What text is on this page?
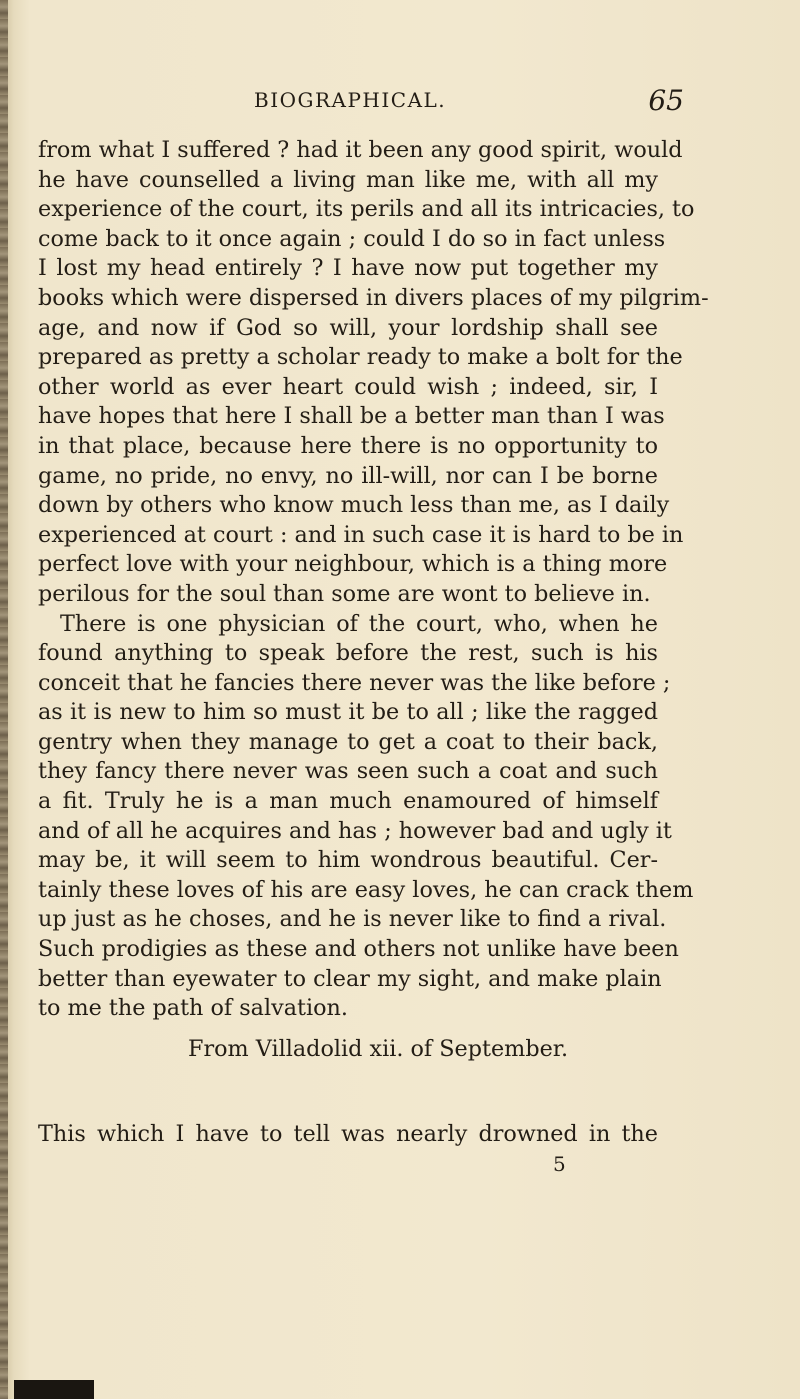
BIOGRAPHICAL.	65
from what I suffered ? had it been any good spirit, would
he have counselled a living man like me, with all my
experience of the court, its perils and all its intricacies, to
come back to it once again ; could I do so in fact unless
I lost my head entirely ? I have now put together my
books which were dispersed in divers places of my pilgrim-
age, and now if God so will, your lordship shall see
prepared as pretty a scholar ready to make a bolt for the
other world as ever heart could wish ; indeed, sir, I
have hopes that here I shall be a better man than I was
in that place, because here there is no opportunity to
game, no pride, no envy, no ill-will, nor can I be borne
down by others who know much less than me, as I daily
experienced at court : and in such case it is hard to be in
perfect love with your neighbour, which is a thing more
perilous for the soul than some are wont to believe in.
There is one physician of the court, who, when he
found anything to speak before the rest, such is his
conceit that he fancies there never was the like before ;
as it is new to him so must it be to all ; like the ragged
gentry when they manage to get a coat to their back,
they fancy there never was seen such a coat and such
a fit. Truly he is a man much enamoured of himself
and of all he acquires and has ; however bad and ugly it
may be, it will seem to him wondrous beautiful. Cer-
tainly these loves of his are easy loves, he can crack them
up just as he choses, and he is never like to find a rival.
Such prodigies as these and others not unlike have been
better than eyewater to clear my sight, and make plain
to me the path of salvation.
From Villadolid xii. of September.
This which I have to tell was nearly drowned in the
5
